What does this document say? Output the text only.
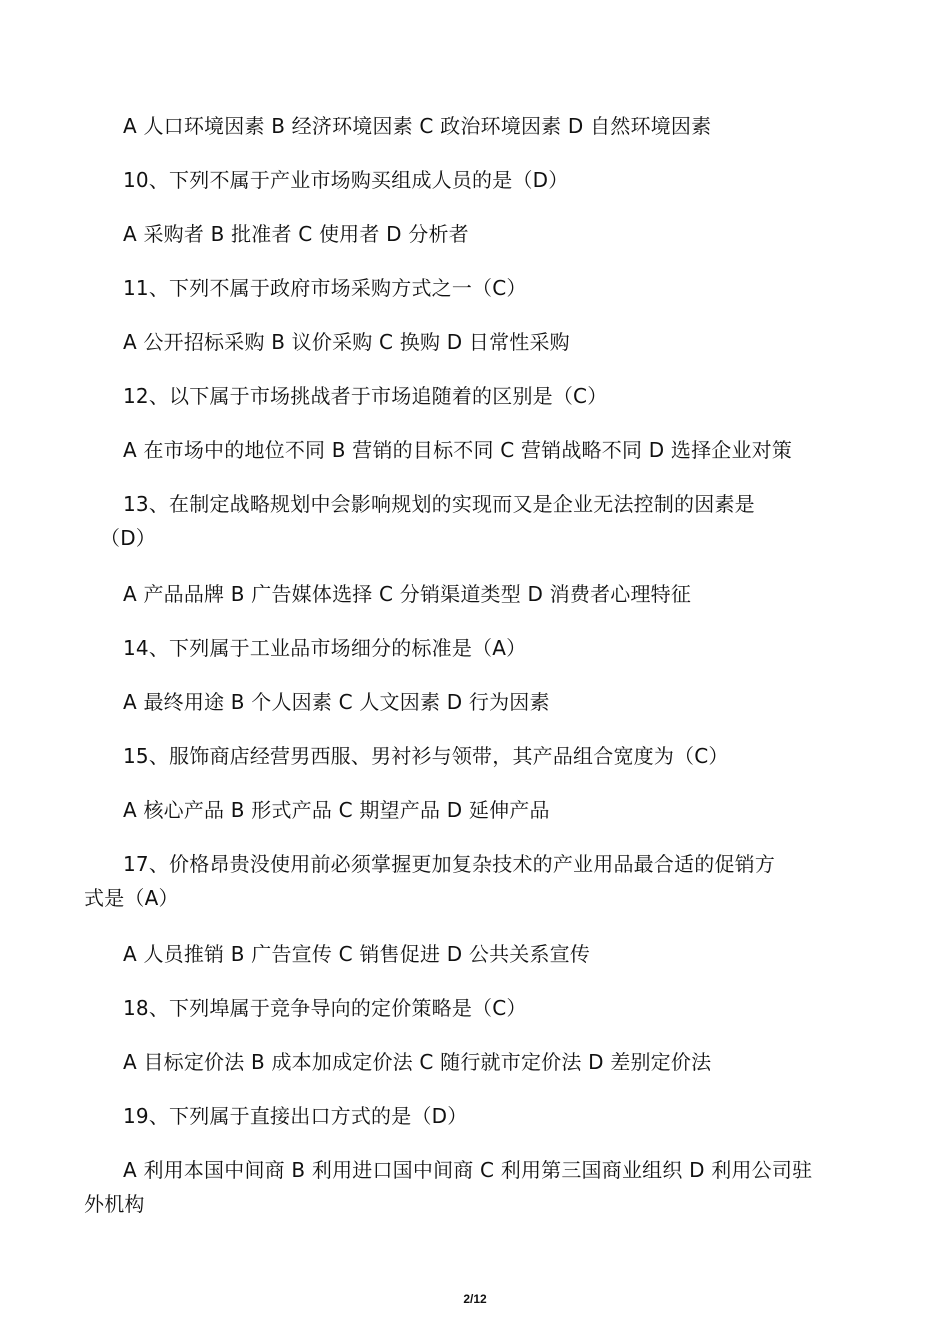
A 人口环境因素 B 经济环境因素 C 政治环境因素 D 自然环境因素
10、下列不属于产业市场购买组成人员的是（D）
A 采购者 B 批准者 C 使用者 D 分析者
11、下列不属于政府市场采购方式之一（C）
A 公开招标采购 B 议价采购 C 换购 D 日常性采购
12、以下属于市场挑战者于市场追随着的区别是（C）
A 在市场中的地位不同 B 营销的目标不同 C 营销战略不同 D 选择企业对策
13、在制定战略规划中会影响规划的实现而又是企业无法控制的因素是
（D）
A 产品品牌 B 广告媒体选择 C 分销渠道类型 D 消费者心理特征
14、下列属于工业品市场细分的标准是（A）
A 最终用途 B 个人因素 C 人文因素 D 行为因素
15、服饰商店经营男西服、男衬衫与领带，其产品组合宽度为（C）
A 核心产品 B 形式产品 C 期望产品 D 延伸产品
17、价格昂贵没使用前必须掌握更加复杂技术的产业用品最合适的促销方
式是（A）
A 人员推销 B 广告宣传 C 销售促进 D 公共关系宣传
18、下列埠属于竞争导向的定价策略是（C）
A 目标定价法 B 成本加成定价法 C 随行就市定价法 D 差别定价法
19、下列属于直接出口方式的是（D）
A 利用本国中间商 B 利用进口国中间商 C 利用第三国商业组织 D 利用公司驻
外机构
2/12
